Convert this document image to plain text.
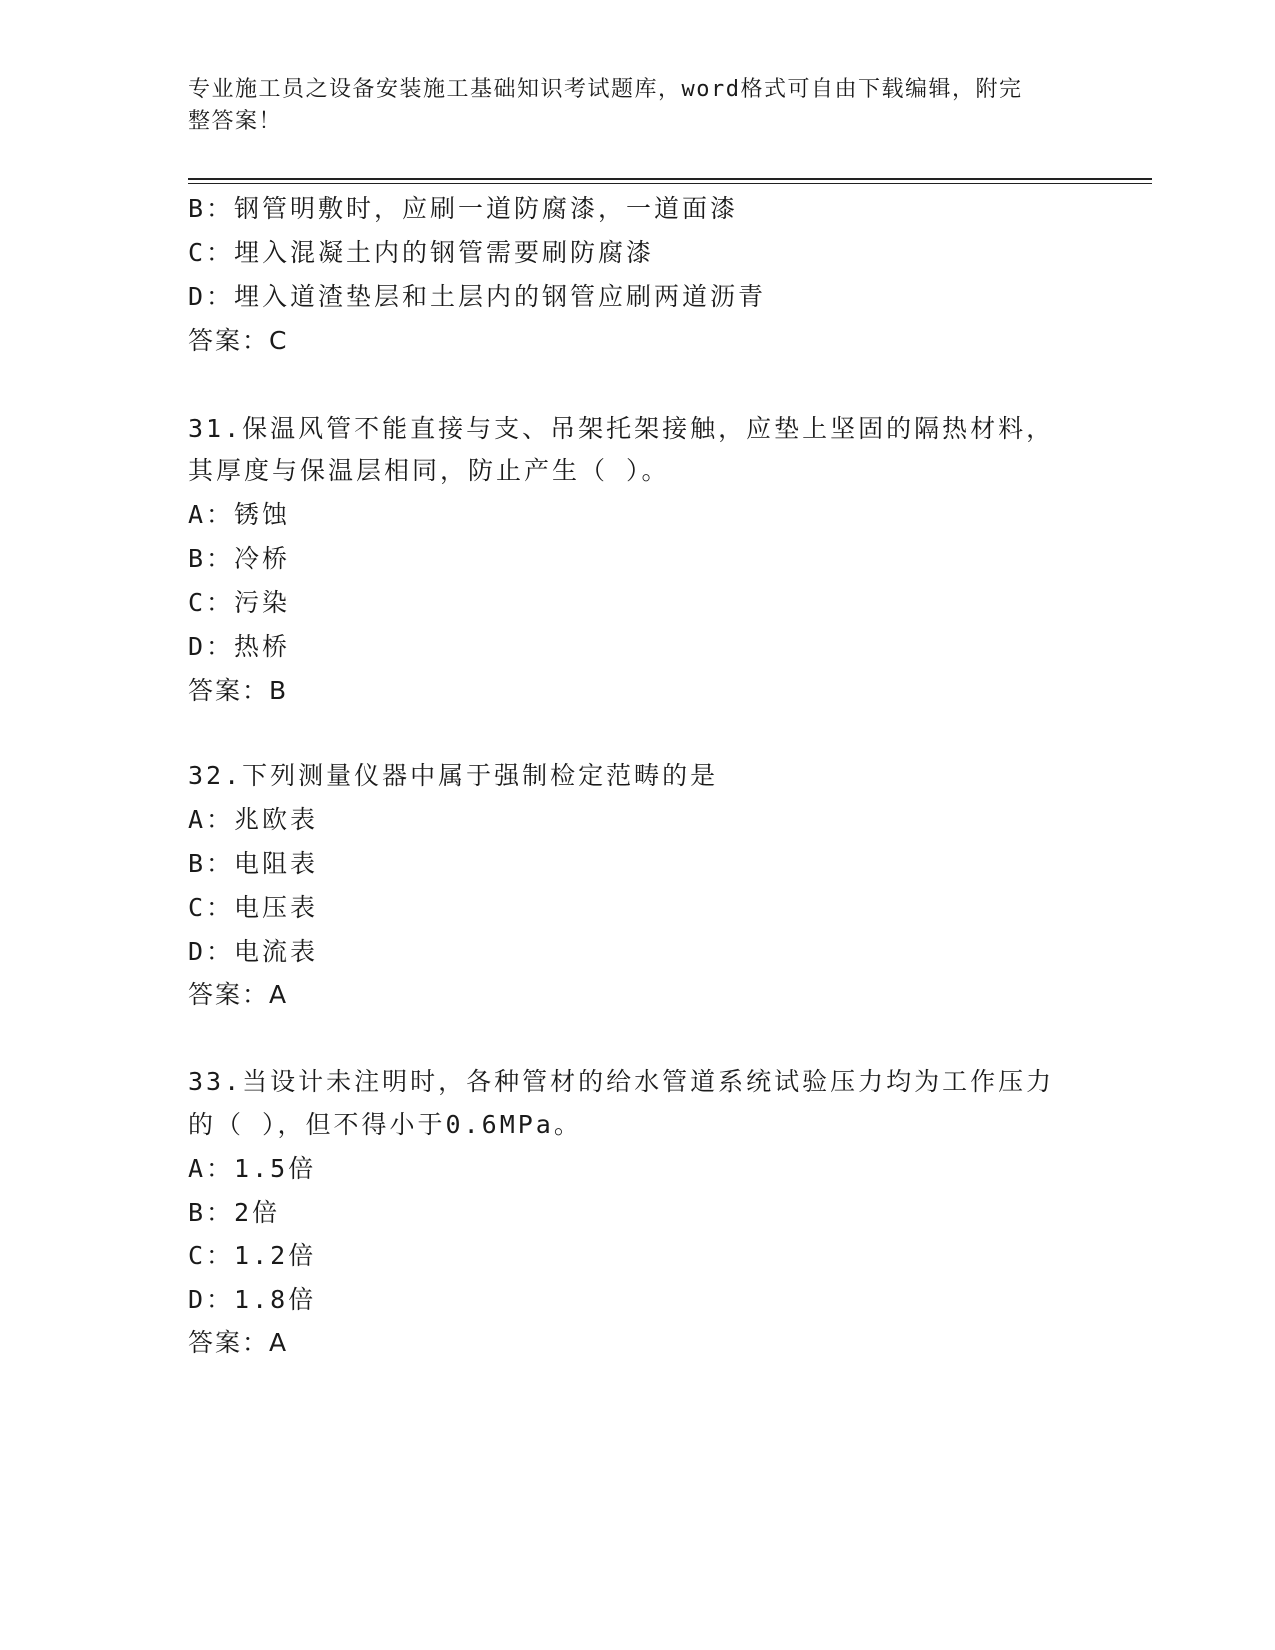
专业施工员之设备安装施工基础知识考试题库，word格式可自由下载编辑，附完
整答案！

B：钢管明敷时，应刷一道防腐漆，一道面漆

C：埋入混凝土内的钢管需要刷防腐漆

D：埋入道渣垫层和土层内的钢管应刷两道沥青

答案：C

31.保温风管不能直接与支、吊架托架接触，应垫上坚固的隔热材料，

其厚度与保温层相同，防止产生（ ）。

A：锈蚀

B：冷桥

C：污染

D：热桥

答案：B

32.下列测量仪器中属于强制检定范畴的是

A：兆欧表

B：电阻表

C：电压表

D：电流表

答案：A

33.当设计未注明时，各种管材的给水管道系统试验压力均为工作压力

的（ ），但不得小于0.6MPa。

A：1.5倍

B：2倍

C：1.2倍

D：1.8倍

答案：A
